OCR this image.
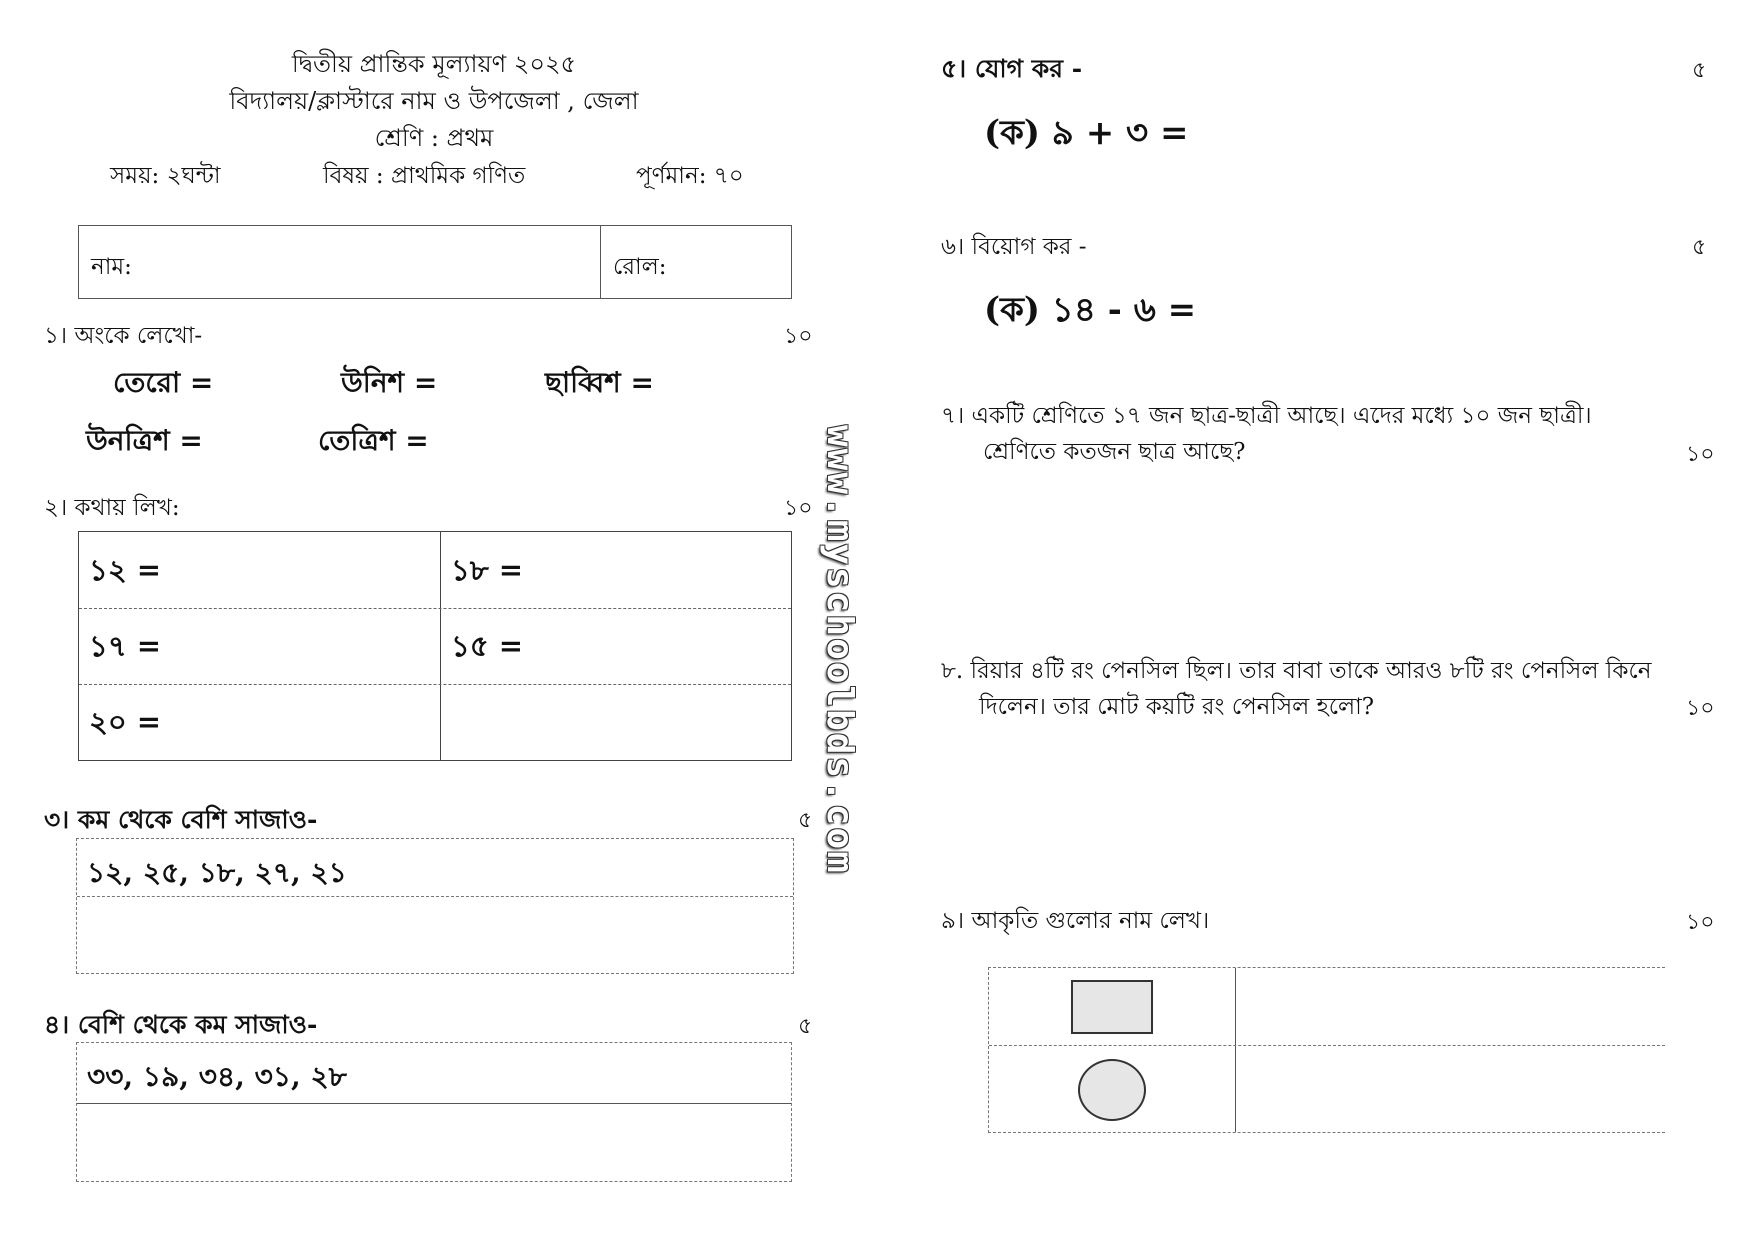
দ্বিতীয় প্রান্তিক মূল্যায়ণ ২০২৫
বিদ্যালয়/ক্লাস্টারে নাম ও উপজেলা , জেলা
শ্রেণি : প্রথম
সময়: ২ঘন্টা	বিষয় : প্রাথমিক গণিত	পূর্ণমান: ৭০
নাম:	রোল:
১। অংকে লেখো-	১০
তেরো =	উনিশ =	ছাব্বিশ =
উনত্রিশ =	তেত্রিশ =
২। কথায় লিখ:	১০
১২ =	১৮ =
১৭ =	১৫ =
২০ =
৩। কম থেকে বেশি সাজাও-	৫
১২, ২৫, ১৮, ২৭, ২১
৪। বেশি থেকে কম সাজাও-	৫
৩৩, ১৯, ৩৪, ৩১, ২৮
www.myschoolbds.com
৫। যোগ কর -	৫
(ক) ৯ + ৩ =
৬। বিয়োগ কর -	৫
(ক) ১৪ - ৬ =
৭। একটি শ্রেণিতে ১৭ জন ছাত্র-ছাত্রী আছে। এদের মধ্যে ১০ জন ছাত্রী।
শ্রেণিতে কতজন ছাত্র আছে?	১০
৮. রিয়ার ৪টি রং পেনসিল ছিল। তার বাবা তাকে আরও ৮টি রং পেনসিল কিনে
দিলেন। তার মোট কয়টি রং পেনসিল হলো?	১০
৯। আকৃতি গুলোর নাম লেখ।	১০
